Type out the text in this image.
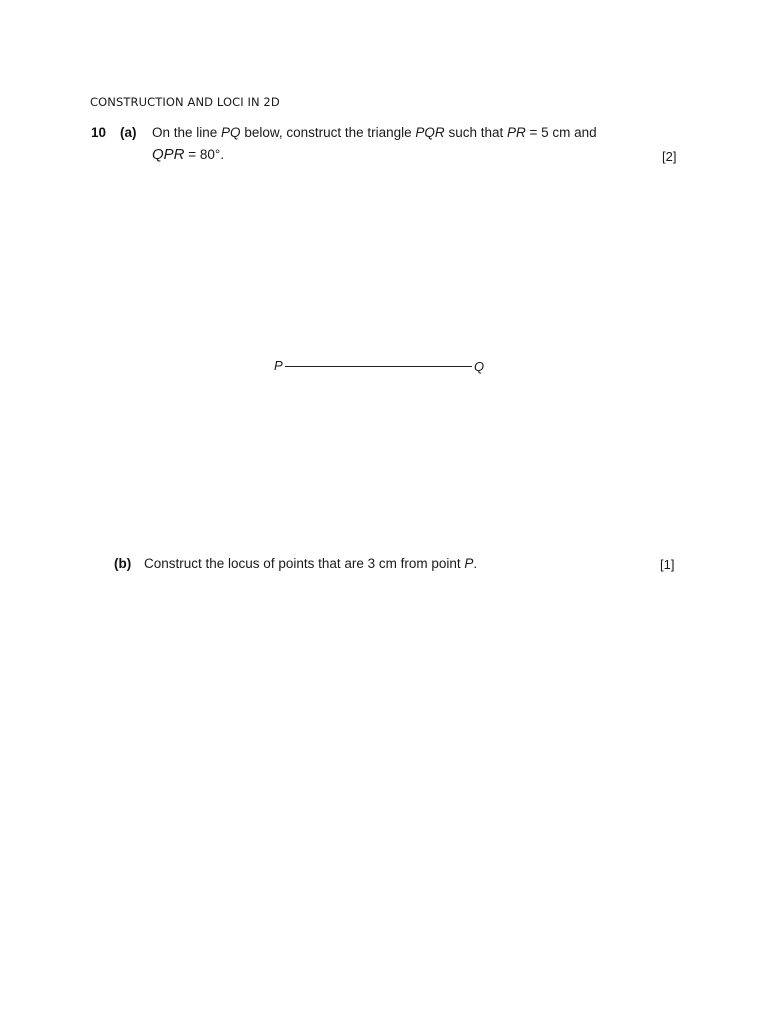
CONSTRUCTION AND LOCI IN 2D
10 (a) On the line PQ below, construct the triangle PQR such that PR = 5 cm and
QPR = 80°.	[2]
P	Q
(b) Construct the locus of points that are 3 cm from point P.	[1]
